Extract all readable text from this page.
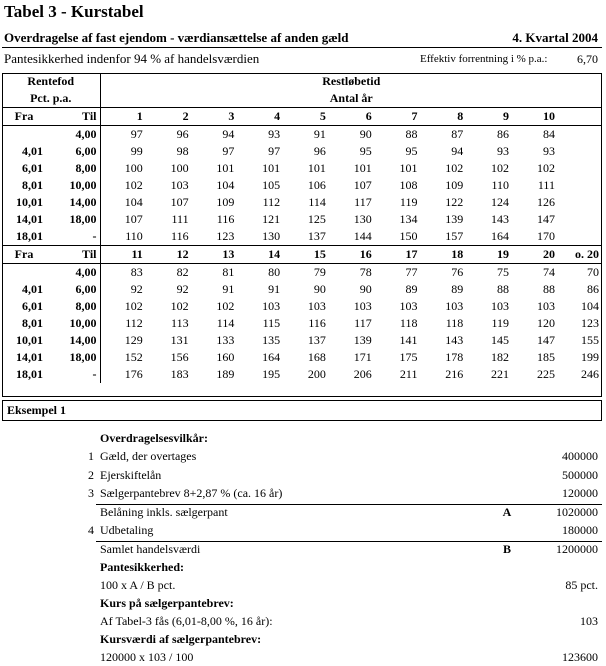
Tabel 3 - Kurstabel
Overdragelse af fast ejendom - værdiansættelse af anden gæld	4. Kvartal 2004
Pantesikkerhed indenfor 94 % af handelsværdien	Effektiv forrentning i % p.a.: 6,70
Rentefod		Restløbetid										
Pct. p.a.		Antal år										
Fra	Til	1	2	3	4	5	6	7	8	9	10	
	4,00	97	96	94	93	91	90	88	87	86	84	
4,01	6,00	99	98	97	97	96	95	95	94	93	93	
6,01	8,00	100	100	101	101	101	101	101	102	102	102	
8,01	10,00	102	103	104	105	106	107	108	109	110	111	
10,01	14,00	104	107	109	112	114	117	119	122	124	126	
14,01	18,00	107	111	116	121	125	130	134	139	143	147	
18,01	-	110	116	123	130	137	144	150	157	164	170	
Fra	Til	11	12	13	14	15	16	17	18	19	20	o. 20
	4,00	83	82	81	80	79	78	77	76	75	74	70
4,01	6,00	92	92	91	91	90	90	89	89	88	88	86
6,01	8,00	102	102	102	103	103	103	103	103	103	103	104
8,01	10,00	112	113	114	115	116	117	118	118	119	120	123
10,01	14,00	129	131	133	135	137	139	141	143	145	147	155
14,01	18,00	152	156	160	164	168	171	175	178	182	185	199
18,01	-	176	183	189	195	200	206	211	216	221	225	246
Eksempel 1
Overdragelsesvilkår:
1 Gæld, der overtages	400000
2 Ejerskiftelån	500000
3 Sælgerpantebrev 8+2,87 % (ca. 16 år)	120000
Belåning inkls. sælgerpant	A	1020000
4 Udbetaling	180000
Samlet handelsværdi	B	1200000
Pantesikkerhed:
100 x A / B pct.	85 pct.
Kurs på sælgerpantebrev:
Af Tabel-3 fås (6,01-8,00 %, 16 år):	103
Kursværdi af sælgerpantebrev:
120000 x 103 / 100	123600
